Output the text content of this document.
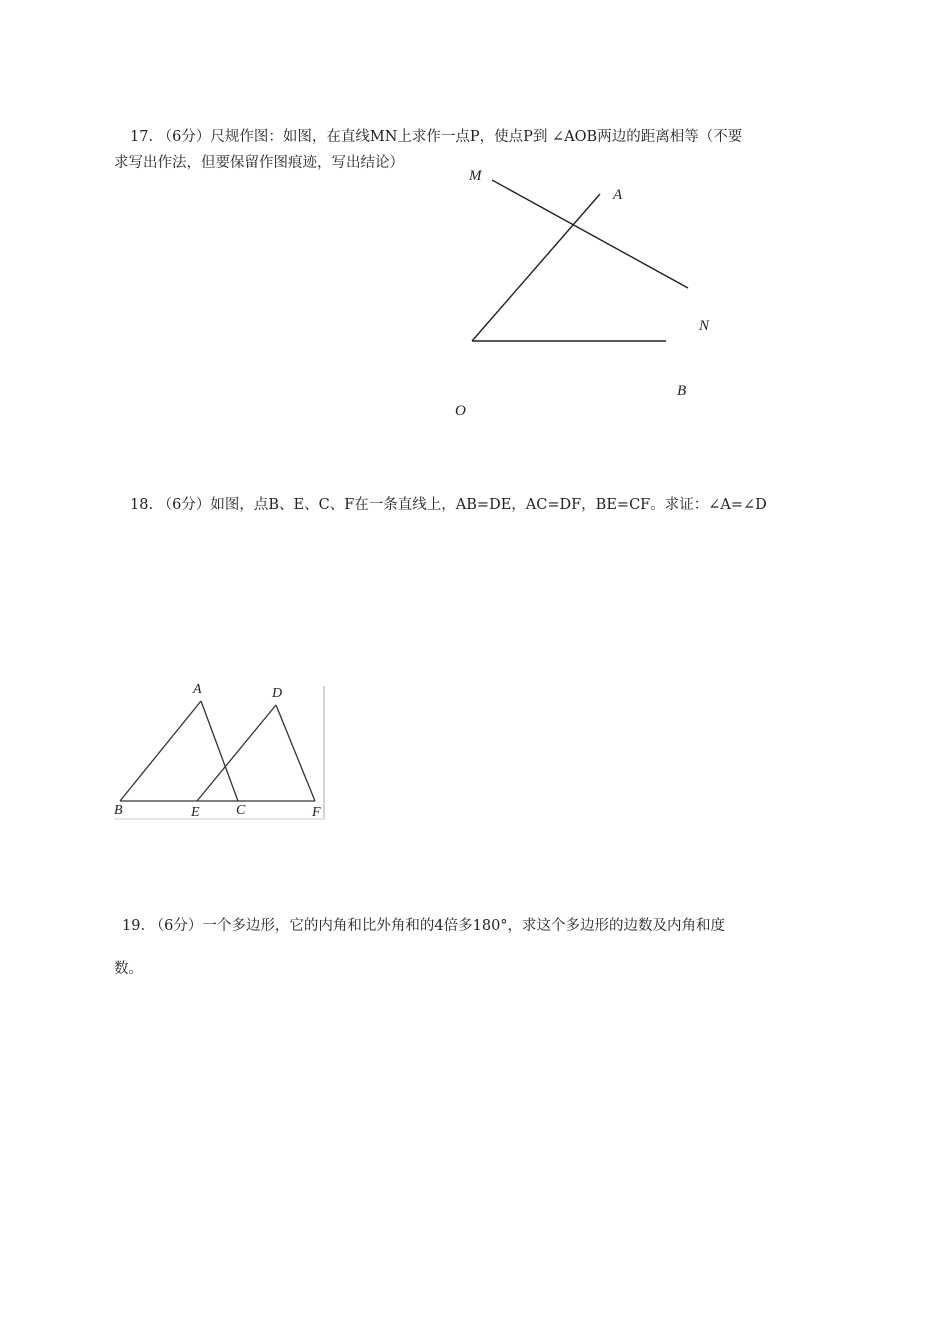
17. （6分）尺规作图：如图，在直线MN上求作一点P，使点P到 ∠AOB两边的距离相等（不要
求写出作法，但要保留作图痕迹，写出结论）
M
A
N
B
O
18. （6分）如图，点B、E、C、F在一条直线上，AB=DE，AC=DF，BE=CF。求证：∠A=∠D
A	D
B	E	C	F
19. （6分）一个多边形，它的内角和比外角和的4倍多180°，求这个多边形的边数及内角和度
数。
